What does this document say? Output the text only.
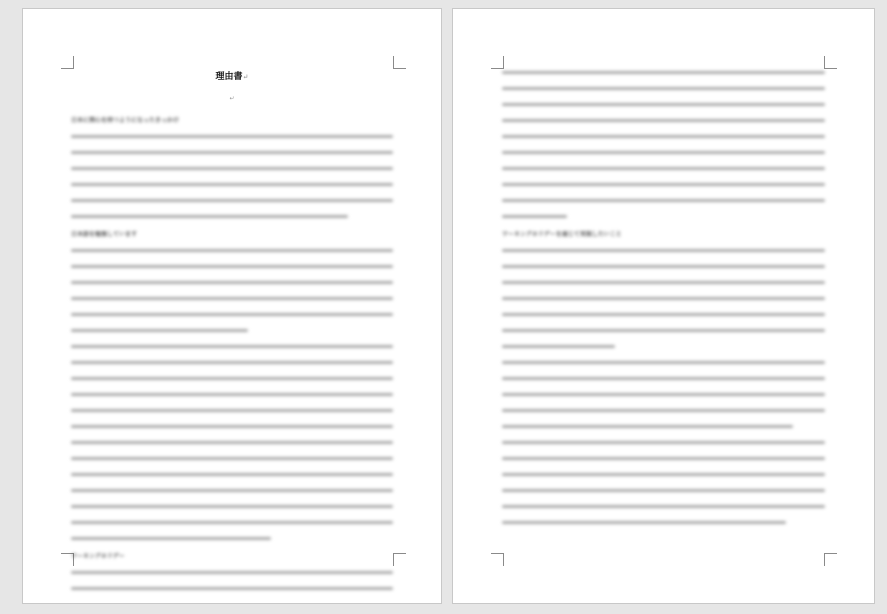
理由書↵
↵
日本に関心を持つようになったきっかけ
日本語を勉強しています
ワーキングホリデー
ワーキングホリデーを通じて実現したいこと
